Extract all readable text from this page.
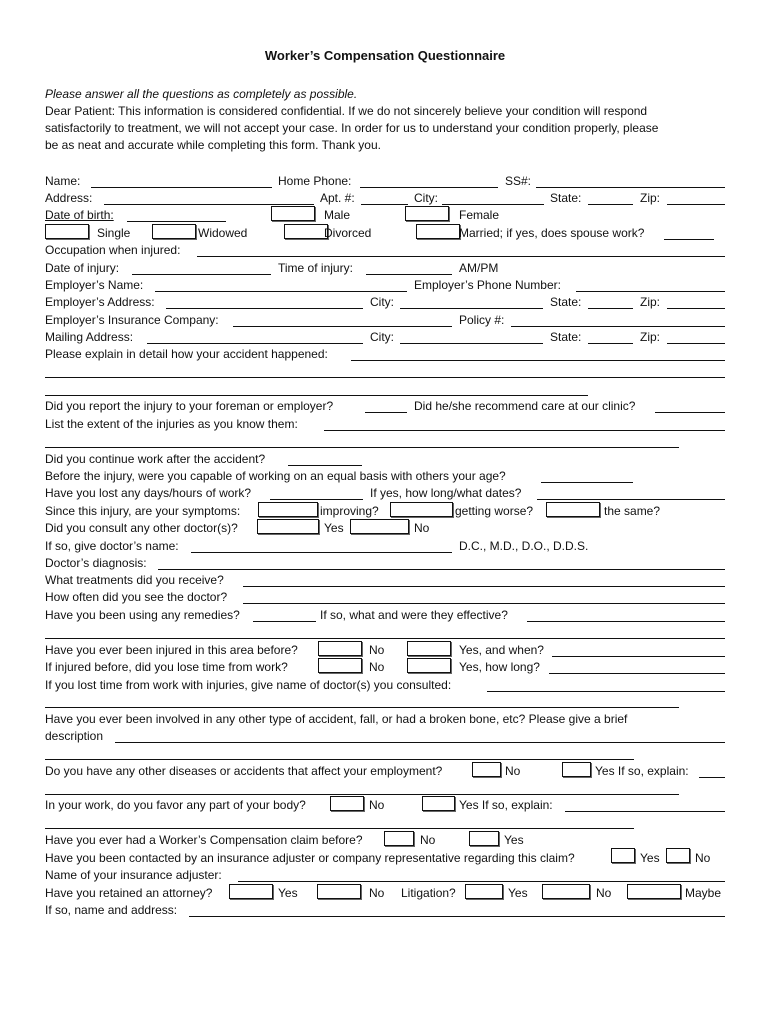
Worker’s Compensation Questionnaire
Please answer all the questions as completely as possible.
Dear Patient: This information is considered confidential. If we do not sincerely believe your condition will respond
satisfactorily to treatment, we will not accept your case. In order for us to understand your condition properly, please
be as neat and accurate while completing this form. Thank you.
Name:	Home Phone:	SS#:
Address:	Apt. #:	City:	State:	Zip:
Date of birth:	Male	Female
Single	Widowed	Divorced	Married; if yes, does spouse work?
Occupation when injured:
Date of injury:	Time of injury:	AM/PM
Employer’s Name:	Employer’s Phone Number:
Employer’s Address:	City:	State:	Zip:
Employer’s Insurance Company:	Policy #:
Mailing Address:	City:	State:	Zip:
Please explain in detail how your accident happened:
Did you report the injury to your foreman or employer?	Did he/she recommend care at our clinic?
List the extent of the injuries as you know them:
Did you continue work after the accident?
Before the injury, were you capable of working on an equal basis with others your age?
Have you lost any days/hours of work?	If yes, how long/what dates?
Since this injury, are your symptoms:	improving?	getting worse?	the same?
Did you consult any other doctor(s)?	Yes	No
If so, give doctor’s name:	D.C., M.D., D.O., D.D.S.
Doctor’s diagnosis:
What treatments did you receive?
How often did you see the doctor?
Have you been using any remedies?	If so, what and were they effective?
Have you ever been injured in this area before?	No	Yes, and when?
If injured before, did you lose time from work?	No	Yes, how long?
If you lost time from work with injuries, give name of doctor(s) you consulted:
Have you ever been involved in any other type of accident, fall, or had a broken bone, etc? Please give a brief
description
Do you have any other diseases or accidents that affect your employment?	No	Yes If so, explain:
In your work, do you favor any part of your body?	No	Yes If so, explain:
Have you ever had a Worker’s Compensation claim before?	No	Yes
Have you been contacted by an insurance adjuster or company representative regarding this claim?	Yes	No
Name of your insurance adjuster:
Have you retained an attorney?	Yes	No Litigation?	Yes	No	Maybe
If so, name and address:
